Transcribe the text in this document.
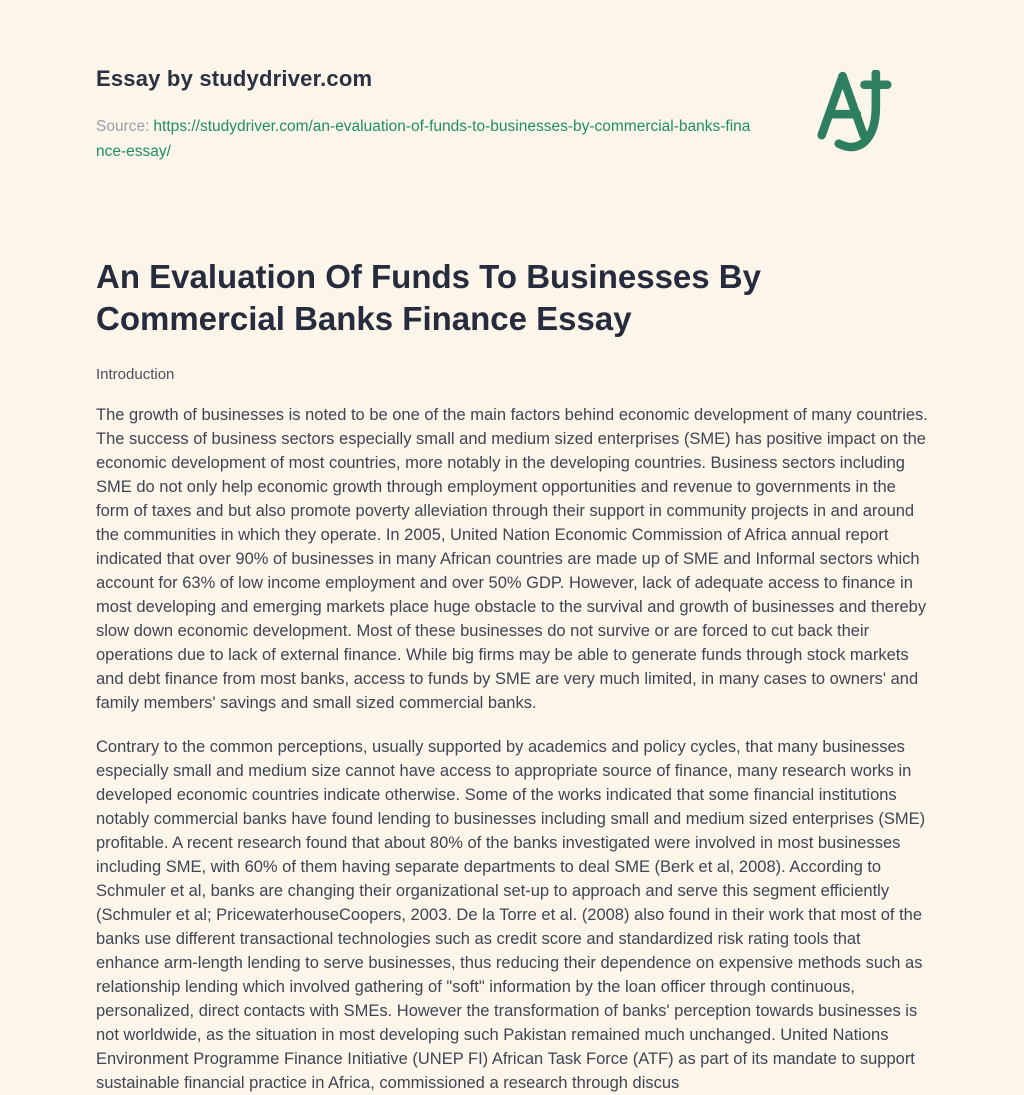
Essay by studydriver.com
Source: https://studydriver.com/an-evaluation-of-funds-to-businesses-by-commercial-banks-finance-essay/
An Evaluation Of Funds To Businesses By Commercial Banks Finance Essay
Introduction

The growth of businesses is noted to be one of the main factors behind economic development of many countries. The success of business sectors especially small and medium sized enterprises (SME) has positive impact on the economic development of most countries, more notably in the developing countries. Business sectors including SME do not only help economic growth through employment opportunities and revenue to governments in the form of taxes and but also promote poverty alleviation through their support in community projects in and around the communities in which they operate. In 2005, United Nation Economic Commission of Africa annual report indicated that over 90% of businesses in many African countries are made up of SME and Informal sectors which account for 63% of low income employment and over 50% GDP. However, lack of adequate access to finance in most developing and emerging markets place huge obstacle to the survival and growth of businesses and thereby slow down economic development. Most of these businesses do not survive or are forced to cut back their operations due to lack of external finance. While big firms may be able to generate funds through stock markets and debt finance from most banks, access to funds by SME are very much limited, in many cases to owners' and family members' savings and small sized commercial banks.

Contrary to the common perceptions, usually supported by academics and policy cycles, that many businesses especially small and medium size cannot have access to appropriate source of finance, many research works in developed economic countries indicate otherwise. Some of the works indicated that some financial institutions notably commercial banks have found lending to businesses including small and medium sized enterprises (SME) profitable. A recent research found that about 80% of the banks investigated were involved in most businesses including SME, with 60% of them having separate departments to deal SME (Berk et al, 2008). According to Schmuler et al, banks are changing their organizational set-up to approach and serve this segment efficiently (Schmuler et al; PricewaterhouseCoopers, 2003. De la Torre et al. (2008) also found in their work that most of the banks use different transactional technologies such as credit score and standardized risk rating tools that enhance arm-length lending to serve businesses, thus reducing their dependence on expensive methods such as relationship lending which involved gathering of "soft" information by the loan officer through continuous, personalized, direct contacts with SMEs. However the transformation of banks' perception towards businesses is not worldwide, as the situation in most developing such Pakistan remained much unchanged. United Nations Environment Programme Finance Initiative (UNEP FI) African Task Force (ATF) as part of its mandate to support sustainable financial practice in Africa, commissioned a research through discus
